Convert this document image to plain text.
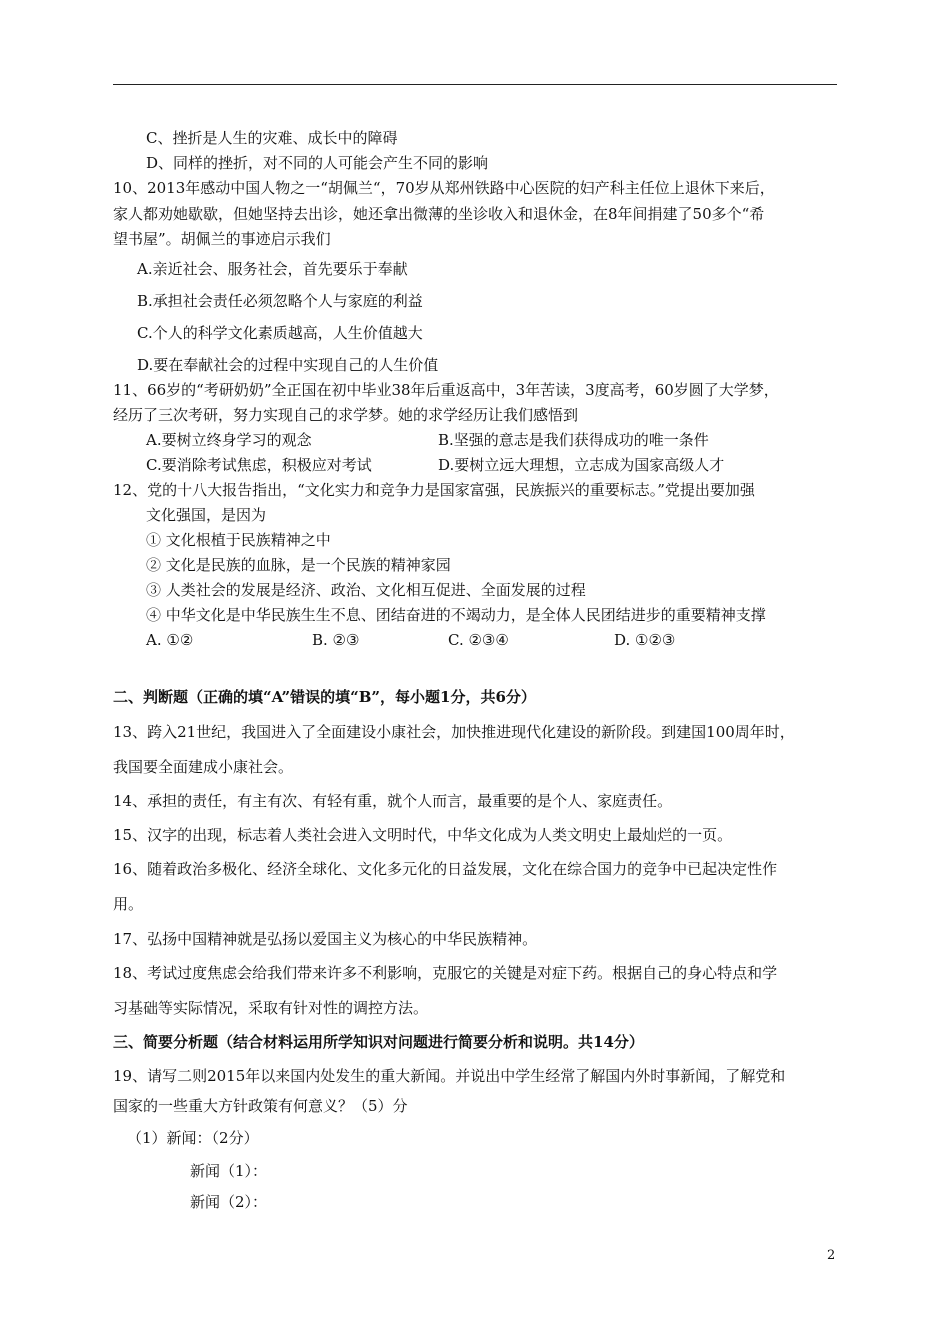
C、挫折是人生的灾难、成长中的障碍
D、同样的挫折，对不同的人可能会产生不同的影响
10、2013年感动中国人物之一“胡佩兰“，70岁从郑州铁路中心医院的妇产科主任位上退休下来后，
家人都劝她歇歇，但她坚持去出诊，她还拿出微薄的坐诊收入和退休金，在8年间捐建了50多个“希
望书屋”。胡佩兰的事迹启示我们
A.亲近社会、服务社会，首先要乐于奉献
B.承担社会责任必须忽略个人与家庭的利益
C.个人的科学文化素质越高，人生价值越大
D.要在奉献社会的过程中实现自己的人生价值
11、66岁的“考研奶奶”全正国在初中毕业38年后重返高中，3年苦读，3度高考，60岁圆了大学梦，
经历了三次考研，努力实现自己的求学梦。她的求学经历让我们感悟到
A.要树立终身学习的观念	B.坚强的意志是我们获得成功的唯一条件
C.要消除考试焦虑，积极应对考试	D.要树立远大理想，立志成为国家高级人才
12、党的十八大报告指出，“文化实力和竞争力是国家富强，民族振兴的重要标志。”党提出要加强
文化强国，是因为
① 文化根植于民族精神之中
② 文化是民族的血脉，是一个民族的精神家园
③ 人类社会的发展是经济、政治、文化相互促进、全面发展的过程
④ 中华文化是中华民族生生不息、团结奋进的不竭动力，是全体人民团结进步的重要精神支撑
A. ①②	B. ②③	C. ②③④	D. ①②③
二、判断题（正确的填“A”错误的填“B”，每小题1分，共6分）
13、跨入21世纪，我国进入了全面建设小康社会，加快推进现代化建设的新阶段。到建国100周年时，
我国要全面建成小康社会。
14、承担的责任，有主有次、有轻有重，就个人而言，最重要的是个人、家庭责任。
15、汉字的出现，标志着人类社会进入文明时代，中华文化成为人类文明史上最灿烂的一页。
16、随着政治多极化、经济全球化、文化多元化的日益发展，文化在综合国力的竞争中已起决定性作
用。
17、弘扬中国精神就是弘扬以爱国主义为核心的中华民族精神。
18、考试过度焦虑会给我们带来许多不利影响，克服它的关键是对症下药。根据自己的身心特点和学
习基础等实际情况，采取有针对性的调控方法。
三、简要分析题（结合材料运用所学知识对问题进行简要分析和说明。共14分）
19、请写二则2015年以来国内处发生的重大新闻。并说出中学生经常了解国内外时事新闻，了解党和
国家的一些重大方针政策有何意义？（5）分
（1）新闻：（2分）
新闻（1）：
新闻（2）：
2
